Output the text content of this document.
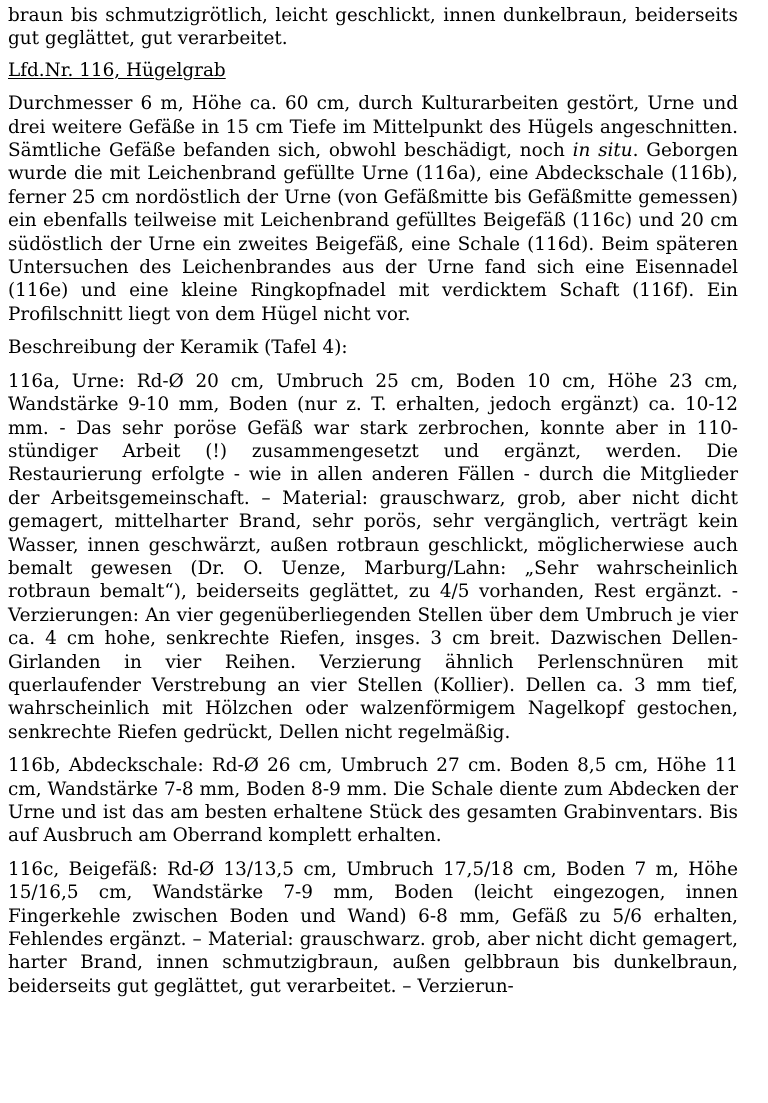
braun bis schmutzigrötlich, leicht geschlickt, innen dunkelbraun, beiderseits gut geglättet, gut verarbeitet.

Lfd.Nr. 116, Hügelgrab

Durchmesser 6 m, Höhe ca. 60 cm, durch Kulturarbeiten gestört, Urne und drei weitere Gefäße in 15 cm Tiefe im Mittelpunkt des Hügels angeschnitten. Sämtliche Gefäße befanden sich, obwohl beschädigt, noch in situ. Geborgen wurde die mit Leichenbrand gefüllte Urne (116a), eine Abdeckschale (116b), ferner 25 cm nordöstlich der Urne (von Gefäßmitte bis Gefäßmitte gemessen) ein ebenfalls teilweise mit Leichenbrand gefülltes Beigefäß (116c) und 20 cm südöstlich der Urne ein zweites Beigefäß, eine Schale (116d). Beim späteren Untersuchen des Leichenbrandes aus der Urne fand sich eine Eisennadel (116e) und eine kleine Ringkopfnadel mit verdicktem Schaft (116f). Ein Profilschnitt liegt von dem Hügel nicht vor.

Beschreibung der Keramik (Tafel 4):

116a, Urne: Rd-Ø 20 cm, Umbruch 25 cm, Boden 10 cm, Höhe 23 cm, Wandstärke 9-10 mm, Boden (nur z. T. erhalten, jedoch ergänzt) ca. 10-12 mm. - Das sehr poröse Gefäß war stark zerbrochen, konnte aber in 110-stündiger Arbeit (!) zusammengesetzt und ergänzt, werden. Die Restaurierung erfolgte - wie in allen anderen Fällen - durch die Mitglieder der Arbeitsgemeinschaft. – Material: grauschwarz, grob, aber nicht dicht gemagert, mittelharter Brand, sehr porös, sehr vergänglich, verträgt kein Wasser, innen geschwärzt, außen rotbraun geschlickt, möglicherwiese auch bemalt gewesen (Dr. O. Uenze, Marburg/Lahn: „Sehr wahrscheinlich rotbraun bemalt“), beiderseits geglättet, zu 4/5 vorhanden, Rest ergänzt. - Verzierungen: An vier gegenüberliegenden Stellen über dem Umbruch je vier ca. 4 cm hohe, senkrechte Riefen, insges. 3 cm breit. Dazwischen Dellen-Girlanden in vier Reihen. Verzierung ähnlich Perlenschnüren mit querlaufender Verstrebung an vier Stellen (Kollier). Dellen ca. 3 mm tief, wahrscheinlich mit Hölzchen oder walzenförmigem Nagelkopf gestochen, senkrechte Riefen gedrückt, Dellen nicht regelmäßig.

116b, Abdeckschale: Rd-Ø 26 cm, Umbruch 27 cm. Boden 8,5 cm, Höhe 11 cm, Wandstärke 7-8 mm, Boden 8-9 mm. Die Schale diente zum Abdecken der Urne und ist das am besten erhaltene Stück des gesamten Grabinventars. Bis auf Ausbruch am Oberrand komplett erhalten.

116c, Beigefäß: Rd-Ø 13/13,5 cm, Umbruch 17,5/18 cm, Boden 7 m, Höhe 15/16,5 cm, Wandstärke 7-9 mm, Boden (leicht eingezogen, innen Fingerkehle zwischen Boden und Wand) 6-8 mm, Gefäß zu 5/6 erhalten, Fehlendes ergänzt. – Material: grauschwarz. grob, aber nicht dicht gemagert, harter Brand, innen schmutzigbraun, außen gelbbraun bis dunkelbraun, beiderseits gut geglättet, gut verarbeitet. – Verzierun-
